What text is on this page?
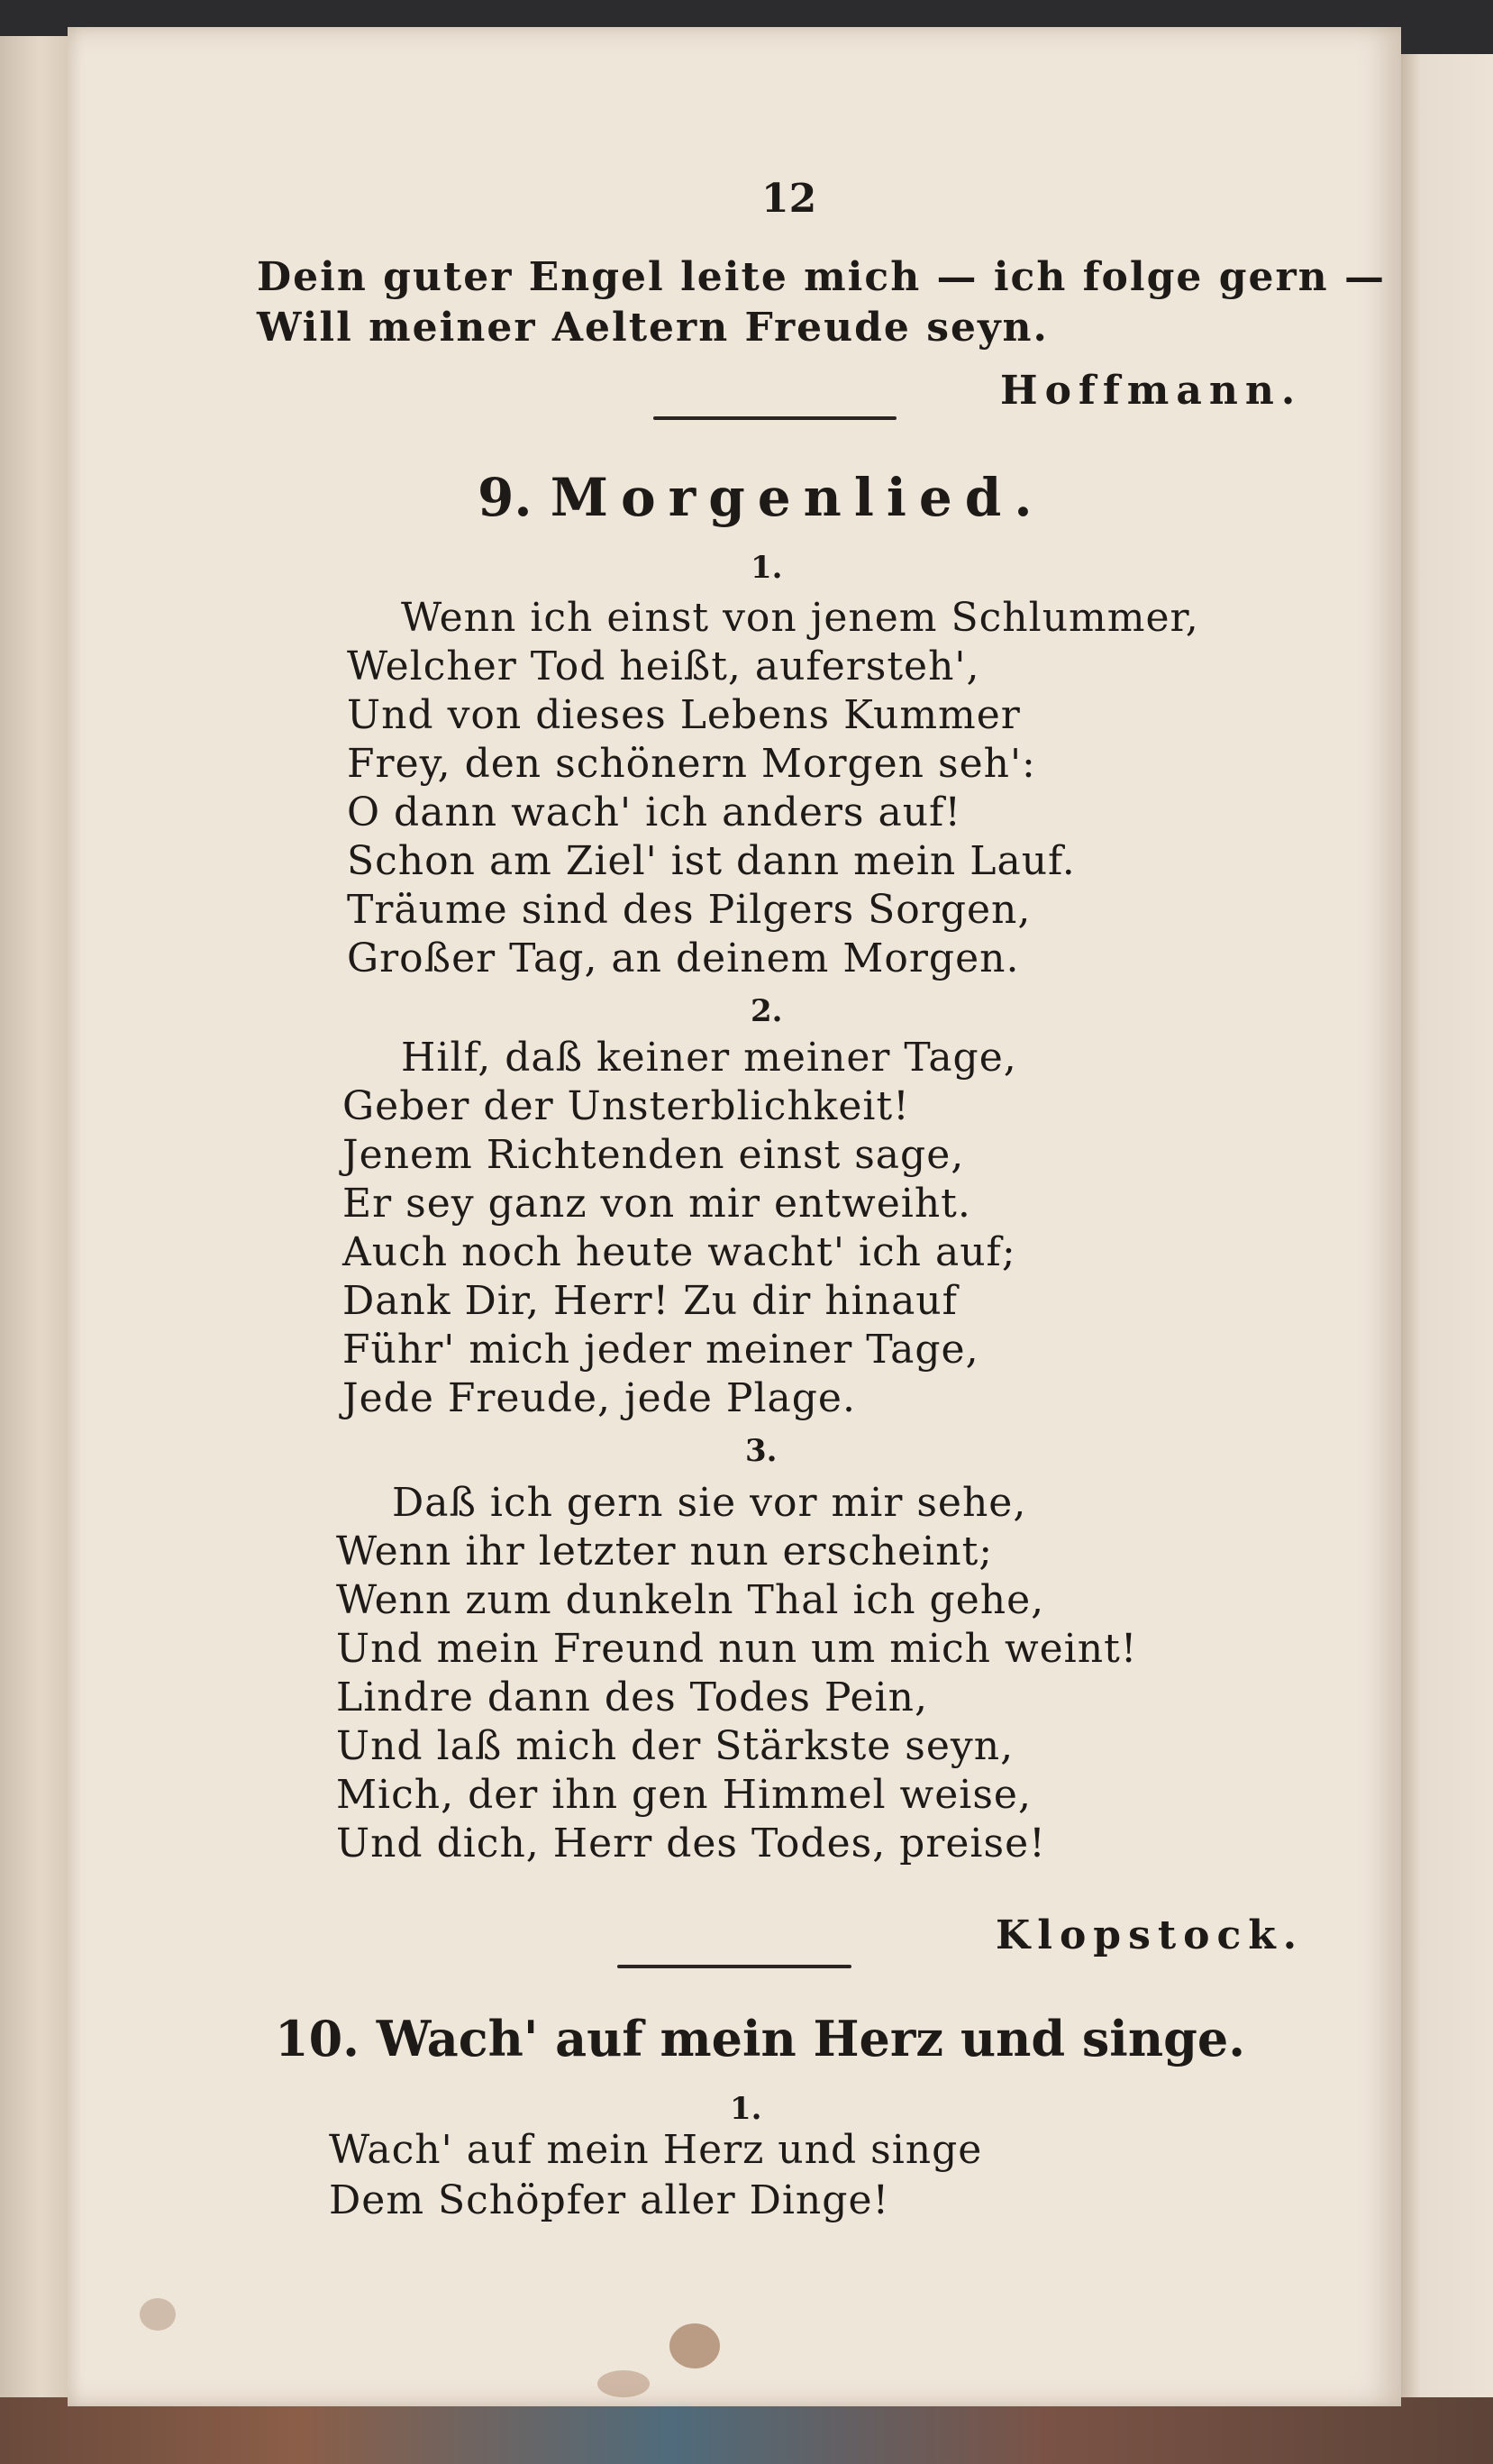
12
Dein guter Engel leite mich — ich folge gern —
Will meiner Aeltern Freude seyn.
Hoffmann.
9. Morgenlied.
1.
Wenn ich einst von jenem Schlummer,
Welcher Tod heißt, aufersteh',
Und von dieses Lebens Kummer
Frey, den schönern Morgen seh':
O dann wach' ich anders auf!
Schon am Ziel' ist dann mein Lauf.
Träume sind des Pilgers Sorgen,
Großer Tag, an deinem Morgen.
2.
Hilf, daß keiner meiner Tage,
Geber der Unsterblichkeit!
Jenem Richtenden einst sage,
Er sey ganz von mir entweiht.
Auch noch heute wacht' ich auf;
Dank Dir, Herr! Zu dir hinauf
Führ' mich jeder meiner Tage,
Jede Freude, jede Plage.
3.
Daß ich gern sie vor mir sehe,
Wenn ihr letzter nun erscheint;
Wenn zum dunkeln Thal ich gehe,
Und mein Freund nun um mich weint!
Lindre dann des Todes Pein,
Und laß mich der Stärkste seyn,
Mich, der ihn gen Himmel weise,
Und dich, Herr des Todes, preise!
Klopstock.
10. Wach' auf mein Herz und singe.
1.
Wach' auf mein Herz und singe
Dem Schöpfer aller Dinge!
